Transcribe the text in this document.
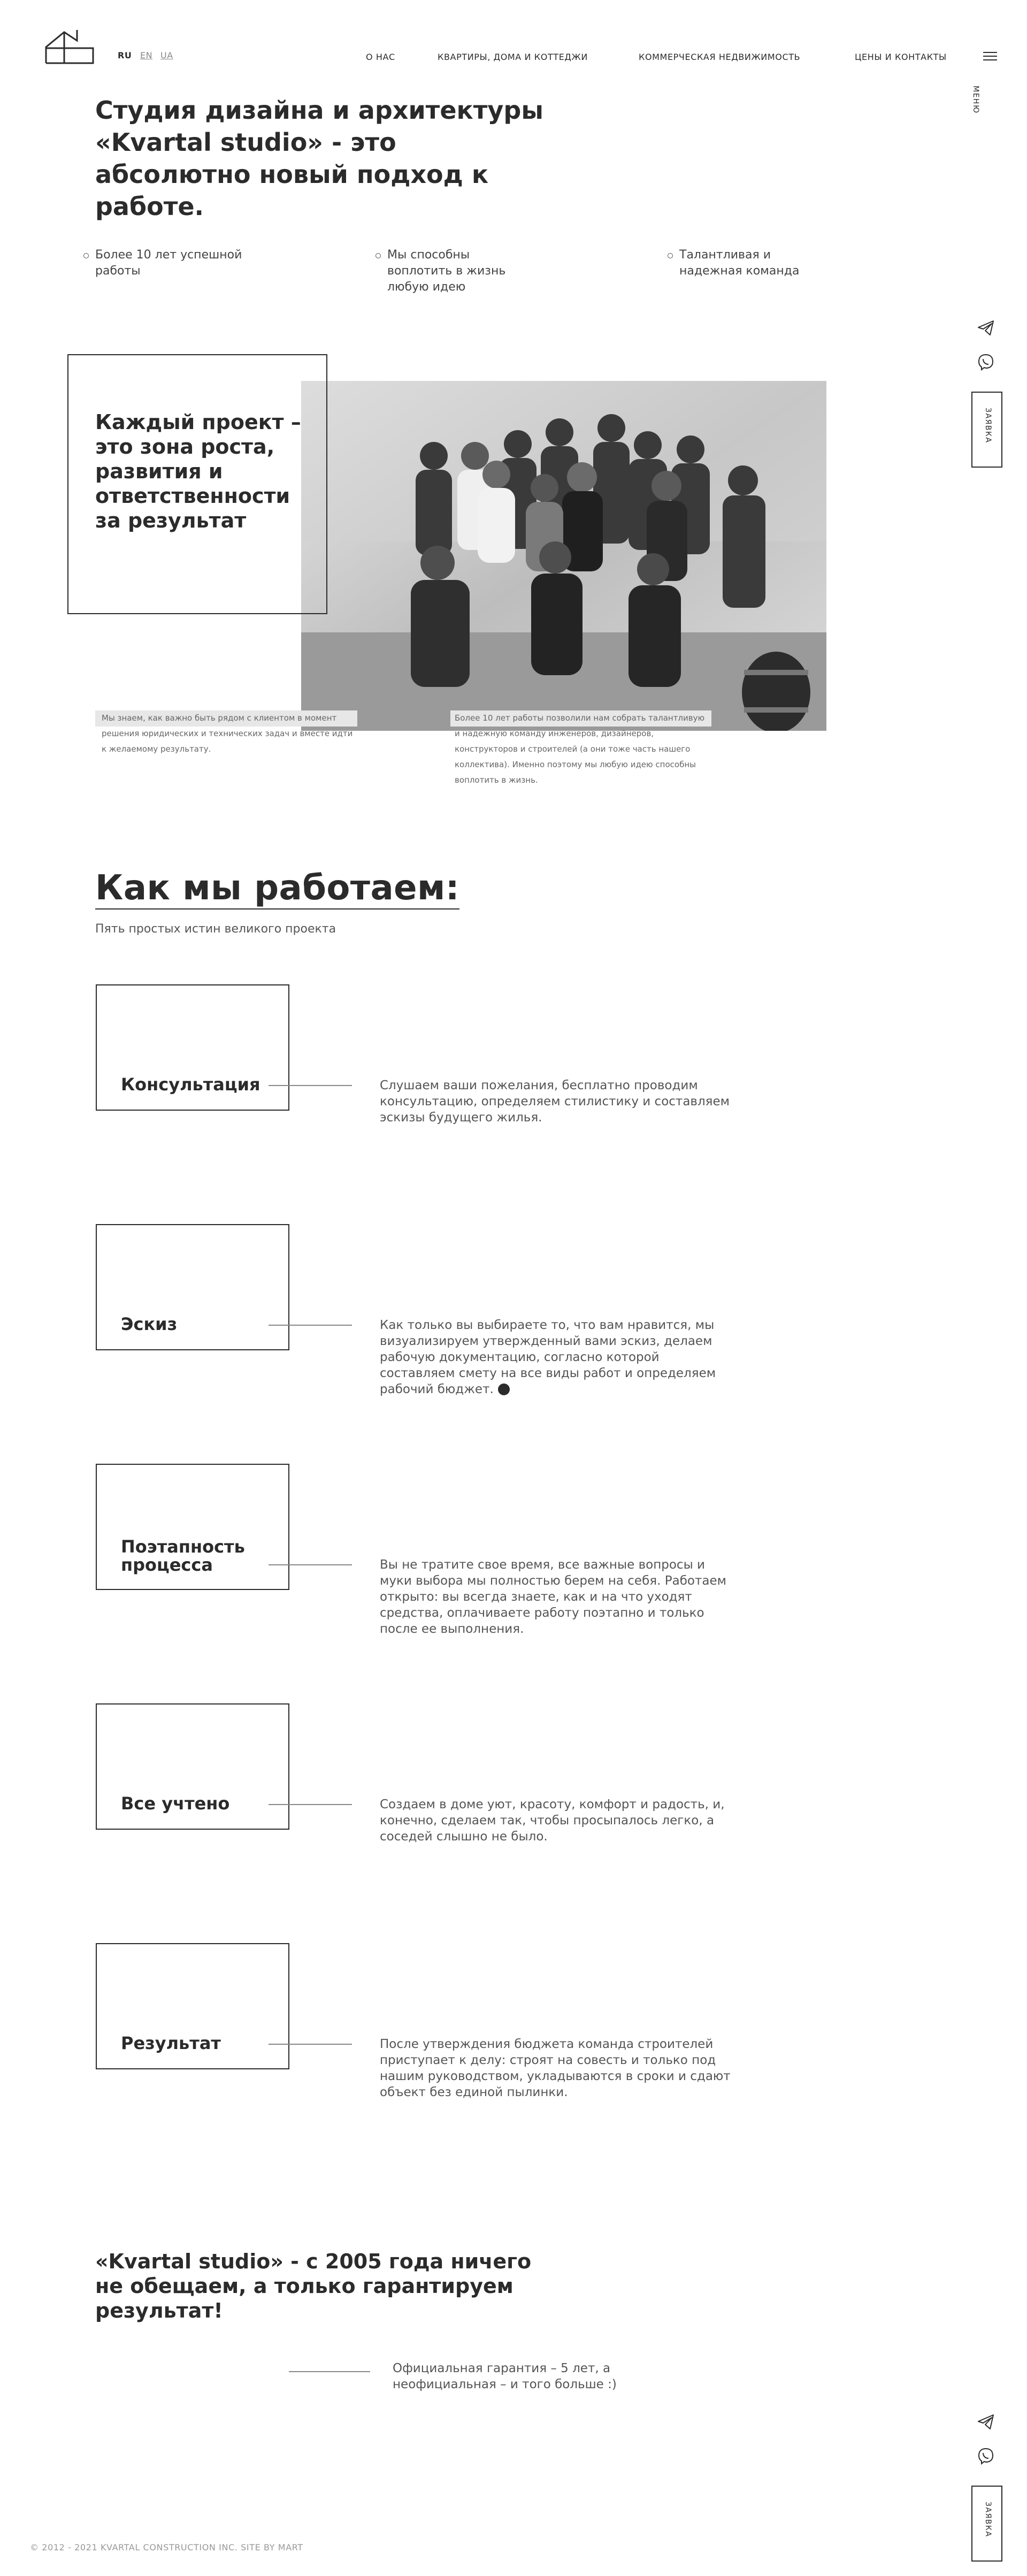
RU EN UA	О НАС	КВАРТИРЫ, ДОМА И КОТТЕДЖИ	КОММЕРЧЕСКАЯ НЕДВИЖИМОСТЬ	ЦЕНЫ И КОНТАКТЫ
МЕНЮ
ЗАЯВКА
Студия дизайна и архитектуры «Kvartal studio» - это абсолютно новый подход к работе.
Более 10 лет успешной работы
Мы способны воплотить в жизнь любую идею
Талантливая и надежная команда
Каждый проект – это зона роста, развития и ответственности за результат

Мы знаем, как важно быть рядом с клиентом в момент решения юридических и технических задач и вместе идти к желаемому результату.

Более 10 лет работы позволили нам собрать талантливую и надежную команду инженеров, дизайнеров, конструкторов и строителей (а они тоже часть нашего коллектива). Именно поэтому мы любую идею способны воплотить в жизнь.

Как мы работаем:

Пять простых истин великого проекта

Консультация	Слушаем ваши пожелания, бесплатно проводим консультацию, определяем стилистику и составляем эскизы будущего жилья.

Эскиз	Как только вы выбираете то, что вам нравится, мы визуализируем утвержденный вами эскиз, делаем рабочую документацию, согласно которой составляем смету на все виды работ и определяем рабочий бюджет.

Поэтапность процесса	Вы не тратите свое время, все важные вопросы и муки выбора мы полностью берем на себя. Работаем открыто: вы всегда знаете, как и на что уходят средства, оплачиваете работу поэтапно и только после ее выполнения.

Все учтено	Создаем в доме уют, красоту, комфорт и радость, и, конечно, сделаем так, чтобы просыпалось легко, а соседей слышно не было.

Результат	После утверждения бюджета команда строителей приступает к делу: строят на совесть и только под нашим руководством, укладываются в сроки и сдают объект без единой пылинки.

«Kvartal studio» - с 2005 года ничего не обещаем, а только гарантируем результат!

Официальная гарантия – 5 лет, а неофициальная – и того больше :)

ЗАЯВКА

© 2012 - 2021 KVARTAL CONSTRUCTION INC. SITE BY MART
